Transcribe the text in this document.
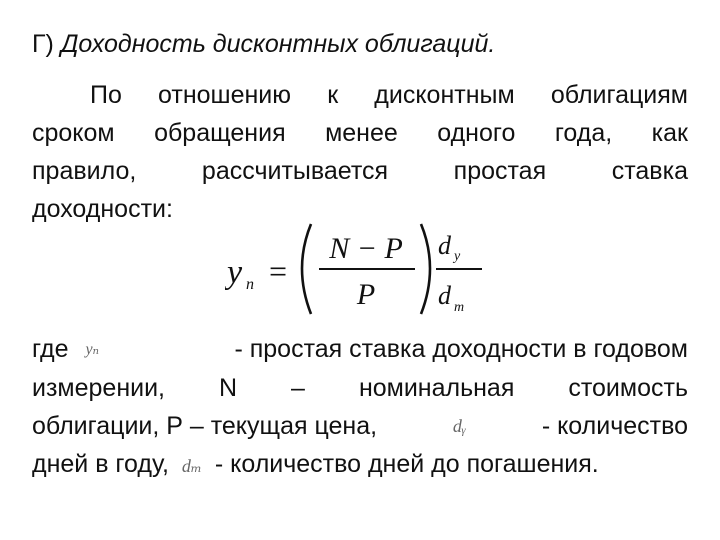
Г) Доходность дисконтных облигаций.
По отношению к дисконтным облигациям
сроком обращения менее одного года, как
правило,	рассчитывается	простая	ставка
доходности:
y n =
N − P
P
d y
d m
где yₙ	- простая ставка доходности в годовом
измерении, N – номинальная стоимость
облигации, Р – текущая цена,	dᵧ	- количество
дней в году, dₘ - количество дней до погашения.
